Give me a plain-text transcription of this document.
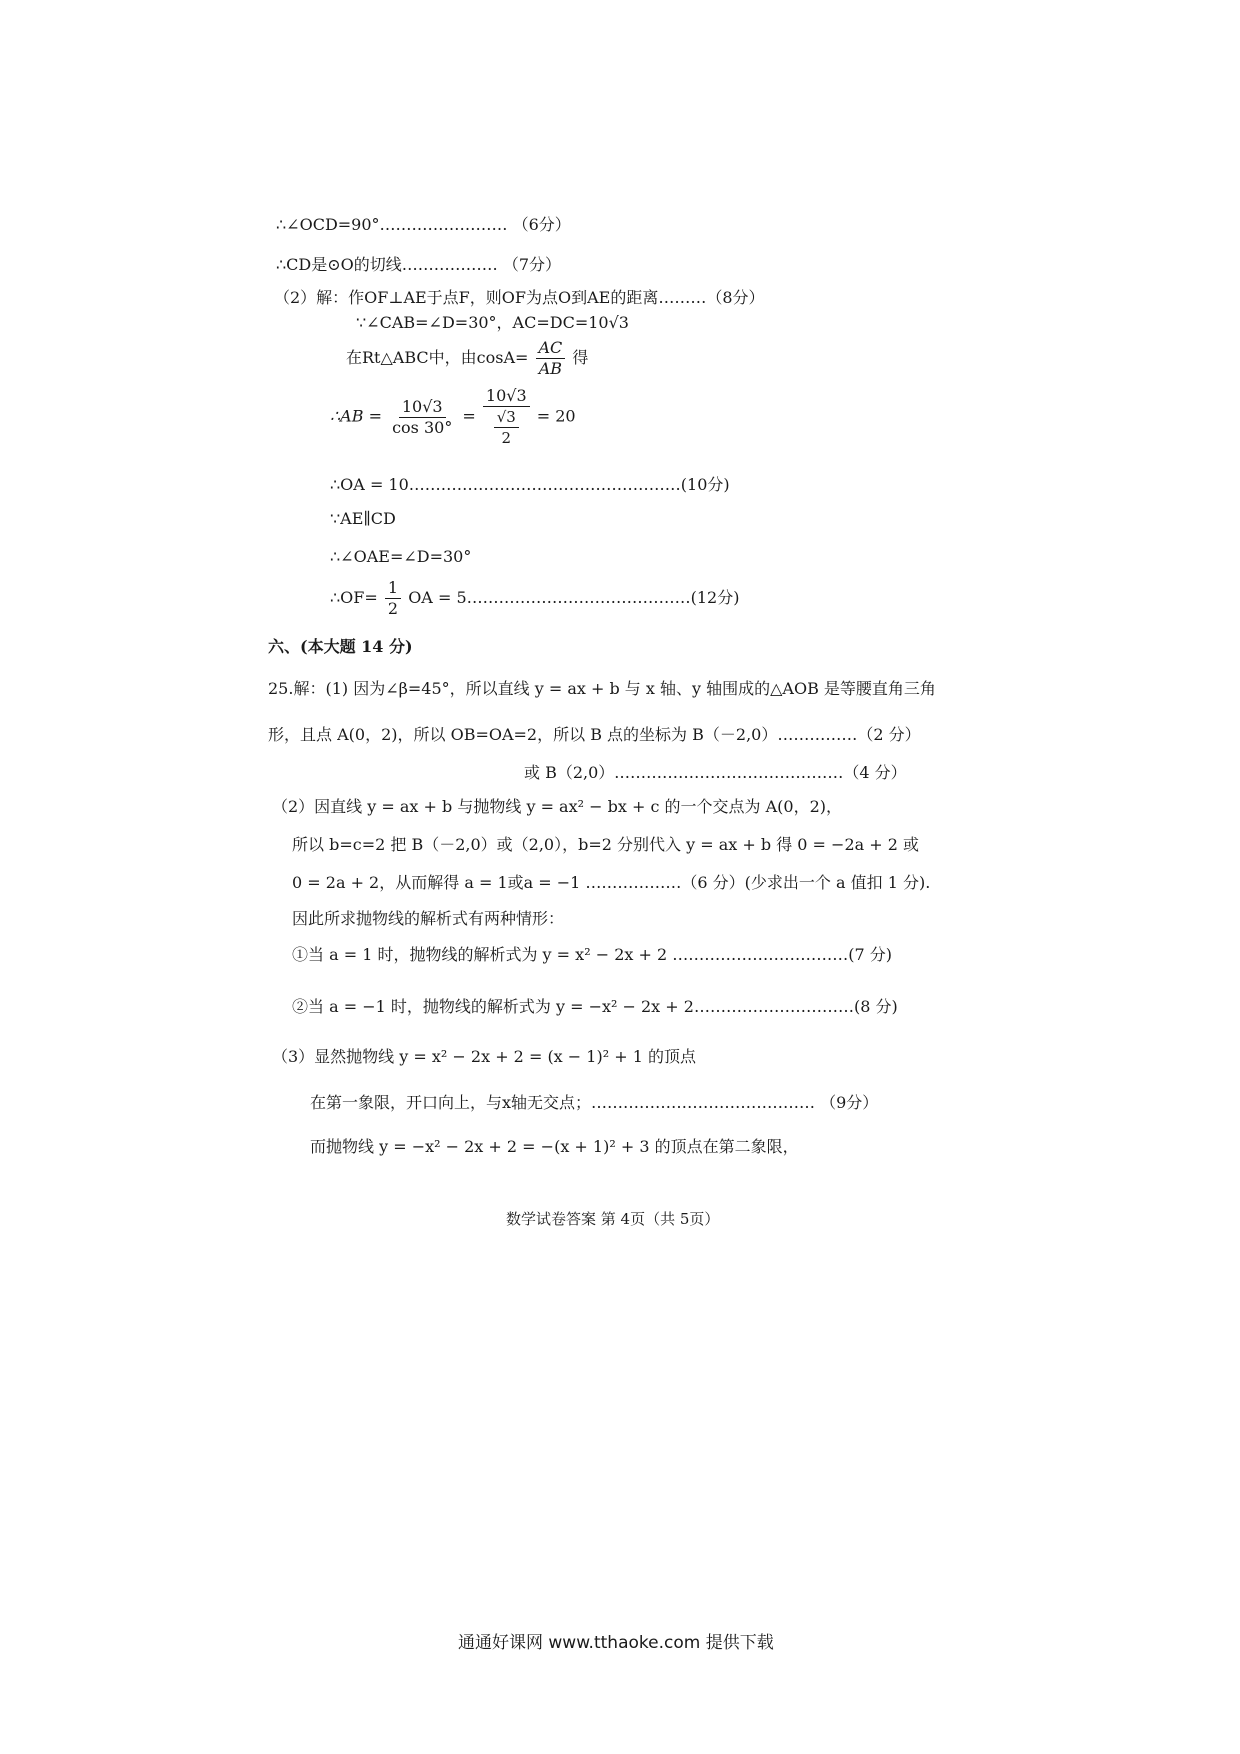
∴∠OCD=90°…………………… （6分）
∴CD是⊙O的切线……………… （7分）
（2）解：作OF⊥AE于点F，则OF为点O到AE的距离………（8分）
∵∠CAB=∠D=30°，AC=DC=10√3
在Rt△ABC中，由$\cos A= \frac{AC}{AB}$ 得
∴AB = $\frac{10√3}{\cos 30^\circ} = \frac{10√3}{\frac{√3}{2}} = 20$
∴OA = 10……………………………………………(10分)
∵AE∥CD
∴∠OAE=∠D=30°
∴OF= $\frac{1}{2}$ OA = 5……………………………………(12分)
六、(本大题 14 分)
25.解：(1) 因为∠β=45°，所以直线 y = ax + b 与 x 轴、y 轴围成的△AOB 是等腰直角三角
形，且点 A(0，2)，所以 OB=OA=2，所以 B 点的坐标为 B（－2,0）……………（2 分）
或 B（2,0）.……………………………………（4 分）
（2）因直线 y = ax + b 与抛物线 y = ax² − bx + c 的一个交点为 A(0，2)，
所以 b=c=2 把 B（－2,0）或（2,0），b=2 分别代入 y = ax + b 得 0 = −2a + 2 或
0 = 2a + 2，从而解得 a = 1或a = −1 ………………（6 分）(少求出一个 a 值扣 1 分).
因此所求抛物线的解析式有两种情形：
①当 a = 1 时，抛物线的解析式为 y = x² − 2x + 2 ……………………………(7 分)
②当 a = −1 时，抛物线的解析式为 y = −x² − 2x + 2…………………………(8 分)
（3）显然抛物线 y = x² − 2x + 2 = (x − 1)² + 1 的顶点
在第一象限，开口向上，与x轴无交点；…………………………………… （9分）
而抛物线 y = −x² − 2x + 2 = −(x + 1)² + 3 的顶点在第二象限，
数学试卷答案 第 4页（共 5页）
通通好课网 www.tthaoke.com 提供下载
